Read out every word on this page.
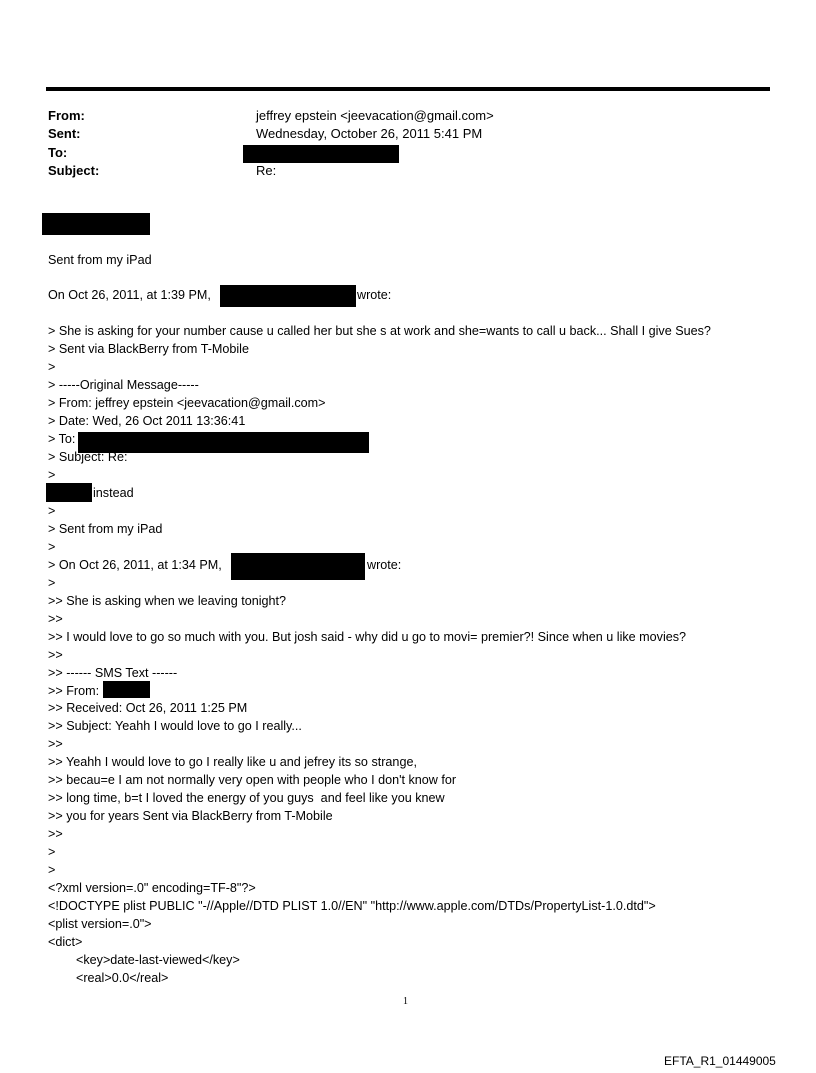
From:	jeffrey epstein <jeevacation@gmail.com>
Sent:	Wednesday, October 26, 2011 5:41 PM
To:
Subject:	Re:
Sent from my iPad
On Oct 26, 2011, at 1:39 PM,	wrote:
> She is asking for your number cause u called her but she s at work and she=wants to call u back... Shall I give Sues?
> Sent via BlackBerry from T-Mobile
>
> -----Original Message-----
> From: jeffrey epstein <jeevacation@gmail.com>
> Date: Wed, 26 Oct 2011 13:36:41
> To:
> Subject: Re:
>
instead
>
> Sent from my iPad
>
> On Oct 26, 2011, at 1:34 PM,	wrote:
>
>> She is asking when we leaving tonight?
>>
>> I would love to go so much with you. But josh said - why did u go to movi= premier?! Since when u like movies?
>>
>> ------ SMS Text ------
>> From:
>> Received: Oct 26, 2011 1:25 PM
>> Subject: Yeahh I would love to go I really...
>>
>> Yeahh I would love to go I really like u and jefrey its so strange,
>> becau=e I am not normally very open with people who I don't know for
>> long time, b=t I loved the energy of you guys  and feel like you knew
>> you for years Sent via BlackBerry from T-Mobile
>>
>
>
<?xml version=.0" encoding=TF-8"?>
<!DOCTYPE plist PUBLIC "-//Apple//DTD PLIST 1.0//EN" "http://www.apple.com/DTDs/PropertyList-1.0.dtd">
<plist version=.0">
<dict>
<key>date-last-viewed</key>
<real>0.0</real>
1
EFTA_R1_01449005
